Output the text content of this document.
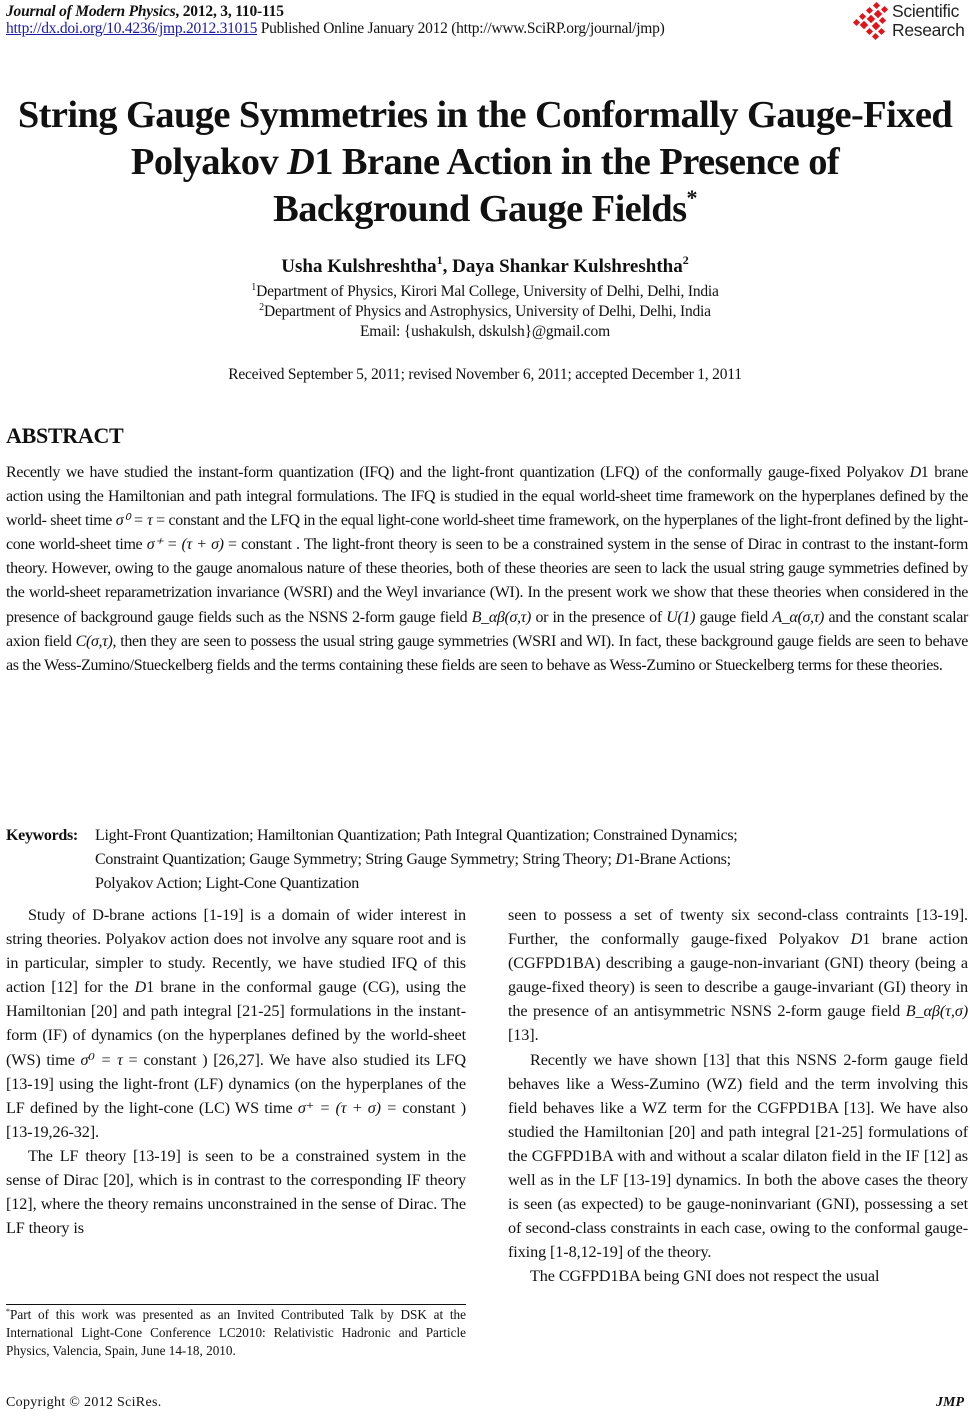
Journal of Modern Physics, 2012, 3, 110-115
http://dx.doi.org/10.4236/jmp.2012.31015 Published Online January 2012 (http://www.SciRP.org/journal/jmp)
Scientific
Research
String Gauge Symmetries in the Conformally Gauge-Fixed
Polyakov D1 Brane Action in the Presence of
Background Gauge Fields*
Usha Kulshreshtha$^1$, Daya Shankar Kulshreshtha$^2$
$^1$Department of Physics, Kirori Mal College, University of Delhi, Delhi, India
$^2$Department of Physics and Astrophysics, University of Delhi, Delhi, India
Email: {ushakulsh, dskulsh}@gmail.com
Received September 5, 2011; revised November 6, 2011; accepted December 1, 2011
ABSTRACT
Recently we have studied the instant-form quantization (IFQ) and the light-front quantization (LFQ) of the conformally gauge-fixed Polyakov D1 brane action using the Hamiltonian and path integral formulations. The IFQ is studied in the equal world-sheet time framework on the hyperplanes defined by the world- sheet time σ⁰ = τ = constant and the LFQ in the equal light-cone world-sheet time framework, on the hyperplanes of the light-front defined by the light-cone world-sheet time σ⁺ = (τ + σ) = constant . The light-front theory is seen to be a constrained system in the sense of Dirac in contrast to the instant-form theory. However, owing to the gauge anomalous nature of these theories, both of these theories are seen to lack the usual string gauge symmetries defined by the world-sheet reparametrization invariance (WSRI) and the Weyl invariance (WI). In the present work we show that these theories when considered in the presence of background gauge fields such as the NSNS 2-form gauge field B_αβ(σ,τ) or in the presence of U(1) gauge field A_α(σ,τ) and the constant scalar axion field C(σ,τ), then they are seen to possess the usual string gauge symmetries (WSRI and WI). In fact, these background gauge fields are seen to behave as the Wess-Zumino/Stueckelberg fields and the terms containing these fields are seen to behave as Wess-Zumino or Stueckelberg terms for these theories.
Keywords: Light-Front Quantization; Hamiltonian Quantization; Path Integral Quantization; Constrained Dynamics;
Constraint Quantization; Gauge Symmetry; String Gauge Symmetry; String Theory; D1-Brane Actions;
Polyakov Action; Light-Cone Quantization

Study of D-brane actions [1-19] is a domain of wider interest in string theories. Polyakov action does not involve any square root and is in particular, simpler to study. Recently, we have studied IFQ of this action [12] for the D1 brane in the conformal gauge (CG), using the Hamiltonian [20] and path integral [21-25] formulations in the instant-form (IF) of dynamics (on the hyperplanes defined by the world-sheet (WS) time σ⁰ = τ = constant ) [26,27]. We have also studied its LFQ [13-19] using the light-front (LF) dynamics (on the hyperplanes of the LF defined by the light-cone (LC) WS time σ⁺ = (τ + σ) = constant ) [13-19,26-32].

The LF theory [13-19] is seen to be a constrained system in the sense of Dirac [20], which is in contrast to the corresponding IF theory [12], where the theory remains unconstrained in the sense of Dirac. The LF theory is

seen to possess a set of twenty six second-class contraints [13-19]. Further, the conformally gauge-fixed Polyakov D1 brane action (CGFPD1BA) describing a gauge-non-invariant (GNI) theory (being a gauge-fixed theory) is seen to describe a gauge-invariant (GI) theory in the presence of an antisymmetric NSNS 2-form gauge field B_αβ(τ,σ) [13].

Recently we have shown [13] that this NSNS 2-form gauge field behaves like a Wess-Zumino (WZ) field and the term involving this field behaves like a WZ term for the CGFPD1BA [13]. We have also studied the Hamiltonian [20] and path integral [21-25] formulations of the CGFPD1BA with and without a scalar dilaton field in the IF [12] as well as in the LF [13-19] dynamics. In both the above cases the theory is seen (as expected) to be gauge-noninvariant (GNI), possessing a set of second-class constraints in each case, owing to the conformal gauge-fixing [1-8,12-19] of the theory.

The CGFPD1BA being GNI does not respect the usual

*Part of this work was presented as an Invited Contributed Talk by DSK at the International Light-Cone Conference LC2010: Relativistic Hadronic and Particle Physics, Valencia, Spain, June 14-18, 2010.
Copyright © 2012 SciRes.	JMP
